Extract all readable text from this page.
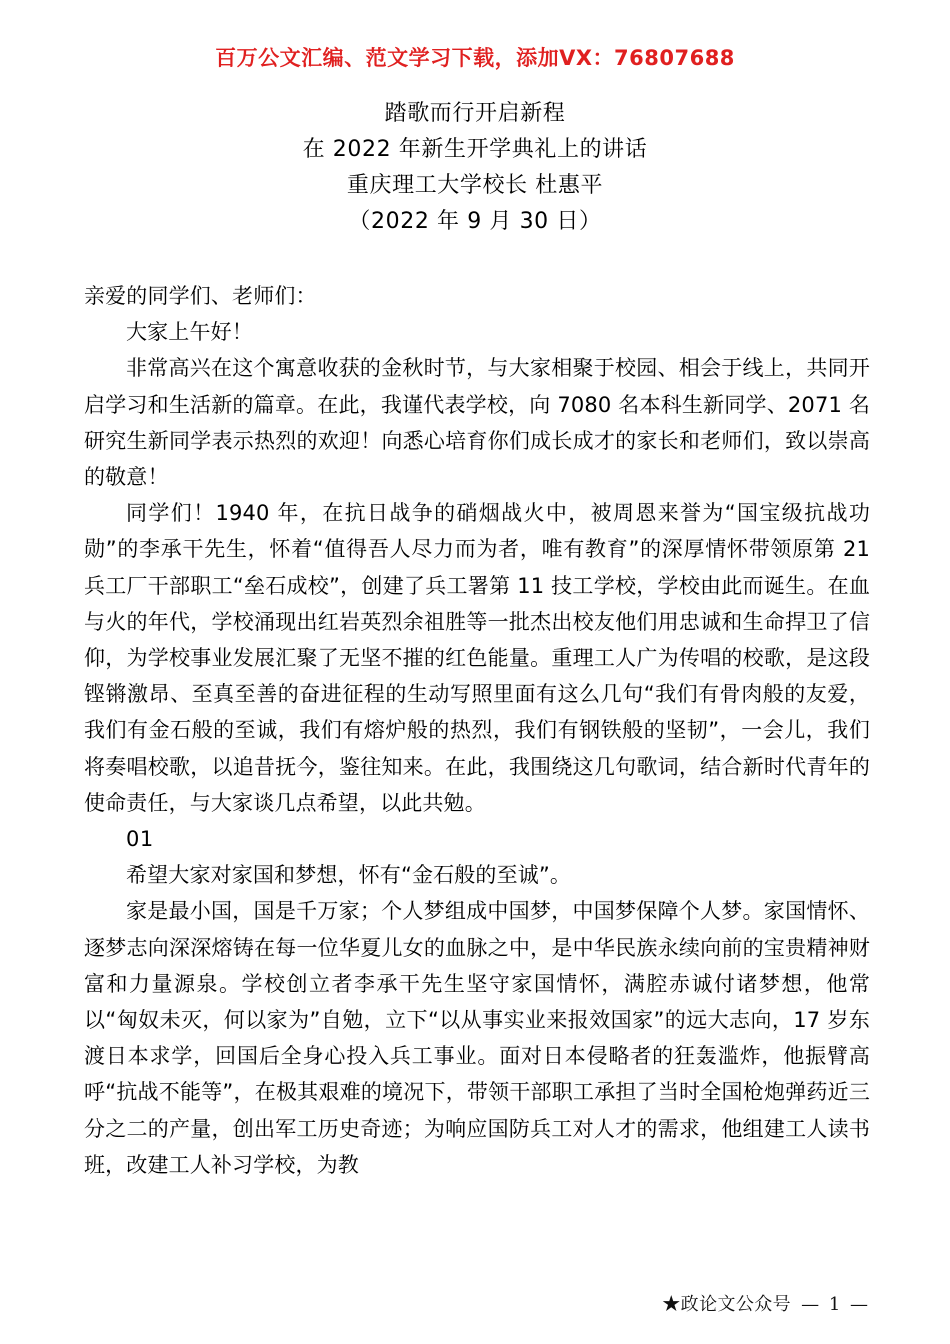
百万公文汇编、范文学习下载，添加VX：76807688
踏歌而行开启新程
在 2022 年新生开学典礼上的讲话
重庆理工大学校长 杜惠平
（2022 年 9 月 30 日）

亲爱的同学们、老师们：

大家上午好！

非常高兴在这个寓意收获的金秋时节，与大家相聚于校园、相会于线上，共同开启学习和生活新的篇章。在此，我谨代表学校，向 7080 名本科生新同学、2071 名研究生新同学表示热烈的欢迎！向悉心培育你们成长成才的家长和老师们，致以崇高的敬意！

同学们！1940 年，在抗日战争的硝烟战火中，被周恩来誉为“国宝级抗战功勋”的李承干先生，怀着“值得吾人尽力而为者，唯有教育”的深厚情怀带领原第 21 兵工厂干部职工“垒石成校”，创建了兵工署第 11 技工学校，学校由此而诞生。在血与火的年代，学校涌现出红岩英烈余祖胜等一批杰出校友他们用忠诚和生命捍卫了信仰，为学校事业发展汇聚了无坚不摧的红色能量。重理工人广为传唱的校歌，是这段铿锵激昂、至真至善的奋进征程的生动写照里面有这么几句“我们有骨肉般的友爱，我们有金石般的至诚，我们有熔炉般的热烈，我们有钢铁般的坚韧”，一会儿，我们将奏唱校歌，以追昔抚今，鉴往知来。在此，我围绕这几句歌词，结合新时代青年的使命责任，与大家谈几点希望，以此共勉。

01

希望大家对家国和梦想，怀有“金石般的至诚”。

家是最小国，国是千万家；个人梦组成中国梦，中国梦保障个人梦。家国情怀、逐梦志向深深熔铸在每一位华夏儿女的血脉之中，是中华民族永续向前的宝贵精神财富和力量源泉。学校创立者李承干先生坚守家国情怀，满腔赤诚付诸梦想，他常以“匈奴未灭，何以家为”自勉，立下“以从事实业来报效国家”的远大志向，17 岁东渡日本求学，回国后全身心投入兵工事业。面对日本侵略者的狂轰滥炸，他振臂高呼“抗战不能等”，在极其艰难的境况下，带领干部职工承担了当时全国枪炮弹药近三分之二的产量，创出军工历史奇迹；为响应国防兵工对人才的需求，他组建工人读书班，改建工人补习学校，为教

★政论文公众号 — 1 —
